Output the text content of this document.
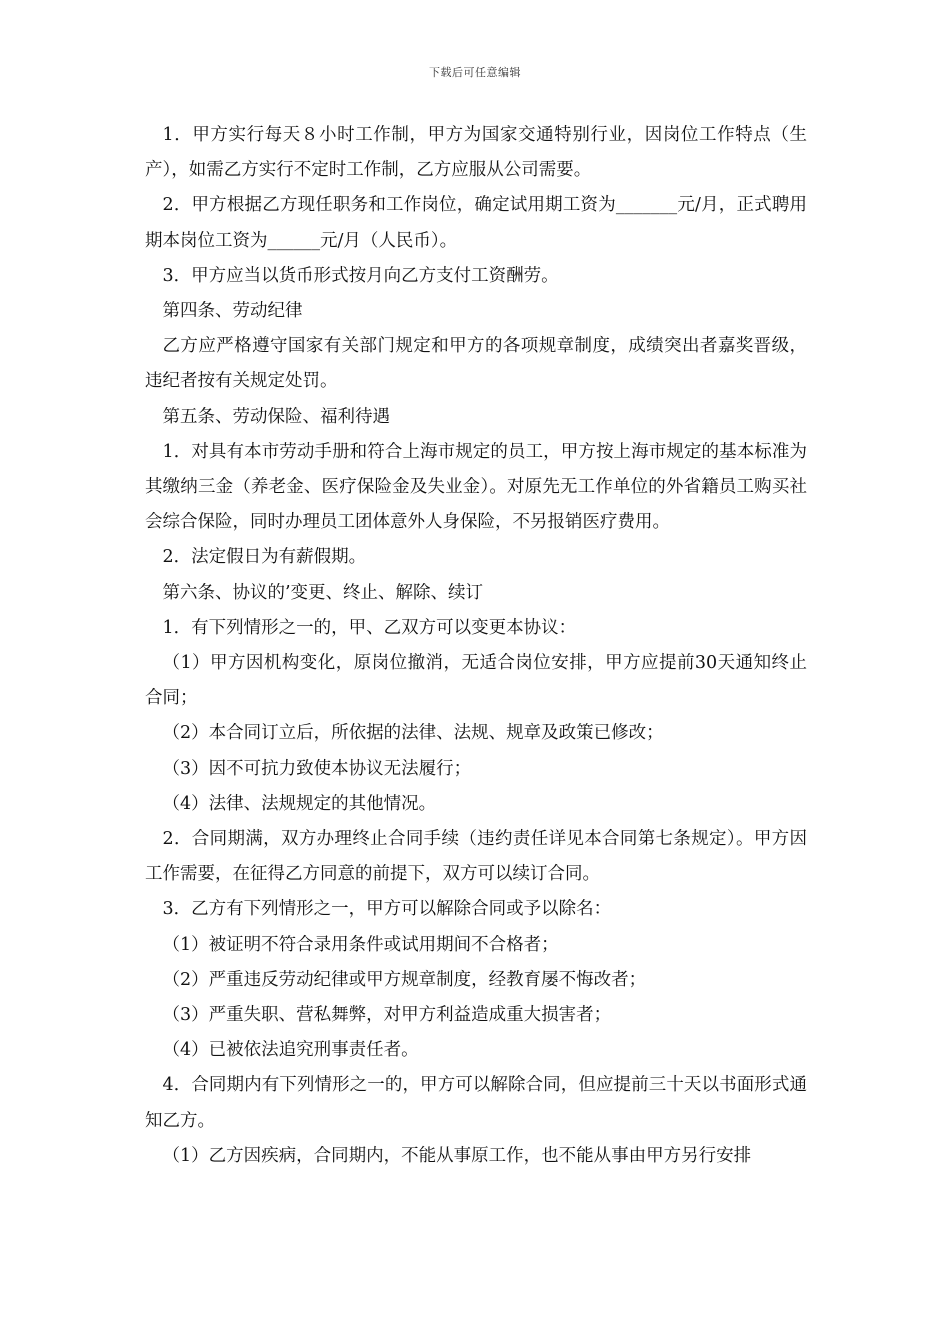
下载后可任意编辑

1．甲方实行每天８小时工作制，甲方为国家交通特别行业，因岗位工作特点（生产），如需乙方实行不定时工作制，乙方应服从公司需要。

2．甲方根据乙方现任职务和工作岗位，确定试用期工资为_______元/月，正式聘用期本岗位工资为______元/月（人民币）。

3．甲方应当以货币形式按月向乙方支付工资酬劳。

第四条、劳动纪律

乙方应严格遵守国家有关部门规定和甲方的各项规章制度，成绩突出者嘉奖晋级，违纪者按有关规定处罚。

第五条、劳动保险、福利待遇

1．对具有本市劳动手册和符合上海市规定的员工，甲方按上海市规定的基本标准为其缴纳三金（养老金、医疗保险金及失业金）。对原先无工作单位的外省籍员工购买社会综合保险，同时办理员工团体意外人身保险，不另报销医疗费用。

2．法定假日为有薪假期。

第六条、协议的’变更、终止、解除、续订

1．有下列情形之一的，甲、乙双方可以变更本协议：

（1）甲方因机构变化，原岗位撤消，无适合岗位安排，甲方应提前30天通知终止合同；

（2）本合同订立后，所依据的法律、法规、规章及政策已修改；

（3）因不可抗力致使本协议无法履行；

（4）法律、法规规定的其他情况。

2．合同期满，双方办理终止合同手续（违约责任详见本合同第七条规定）。甲方因工作需要，在征得乙方同意的前提下，双方可以续订合同。

3．乙方有下列情形之一，甲方可以解除合同或予以除名：

（1）被证明不符合录用条件或试用期间不合格者；

（2）严重违反劳动纪律或甲方规章制度，经教育屡不悔改者；

（3）严重失职、营私舞弊，对甲方利益造成重大损害者；

（4）已被依法追究刑事责任者。

4．合同期内有下列情形之一的，甲方可以解除合同，但应提前三十天以书面形式通知乙方。

（1）乙方因疾病，合同期内，不能从事原工作，也不能从事由甲方另行安排
